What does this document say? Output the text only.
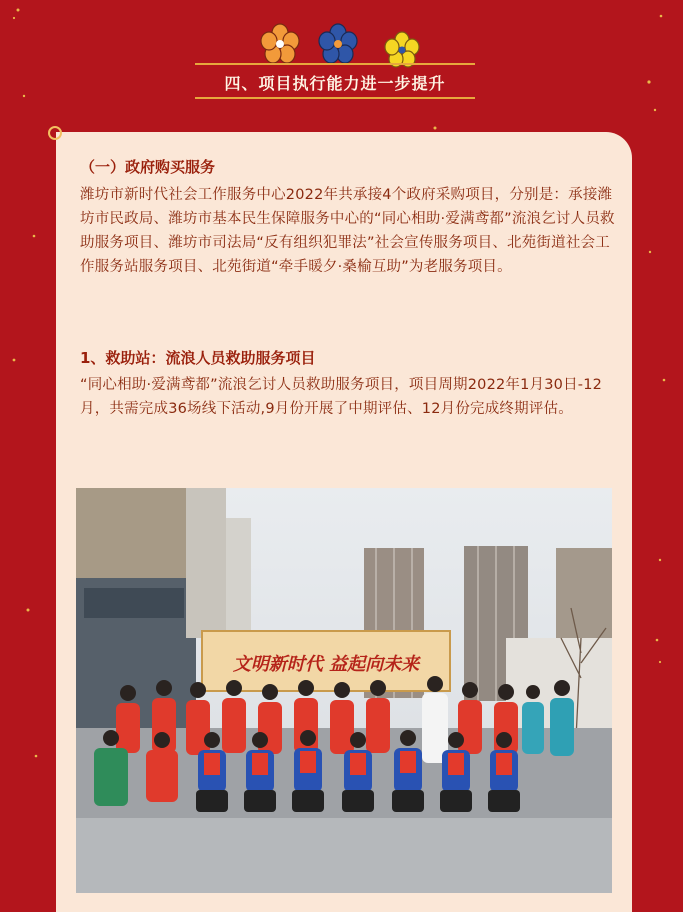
四、项目执行能力进一步提升
（一）政府购买服务
潍坊市新时代社会工作服务中心2022年共承接4个政府采购项目，分别是：承接潍坊市民政局、潍坊市基本民生保障服务中心的“同心相助·爱满鸢都”流浪乞讨人员救助服务项目、潍坊市司法局“反有组织犯罪法”社会宣传服务项目、北苑街道社会工作服务站服务项目、北苑街道“牵手暖夕·桑榆互助”为老服务项目。
1、救助站：流浪人员救助服务项目
“同心相助·爱满鸢都”流浪乞讨人员救助服务项目，项目周期2022年1月30日-12月，共需完成36场线下活动,9月份开展了中期评估、12月份完成终期评估。
文明新时代 益起向未来
